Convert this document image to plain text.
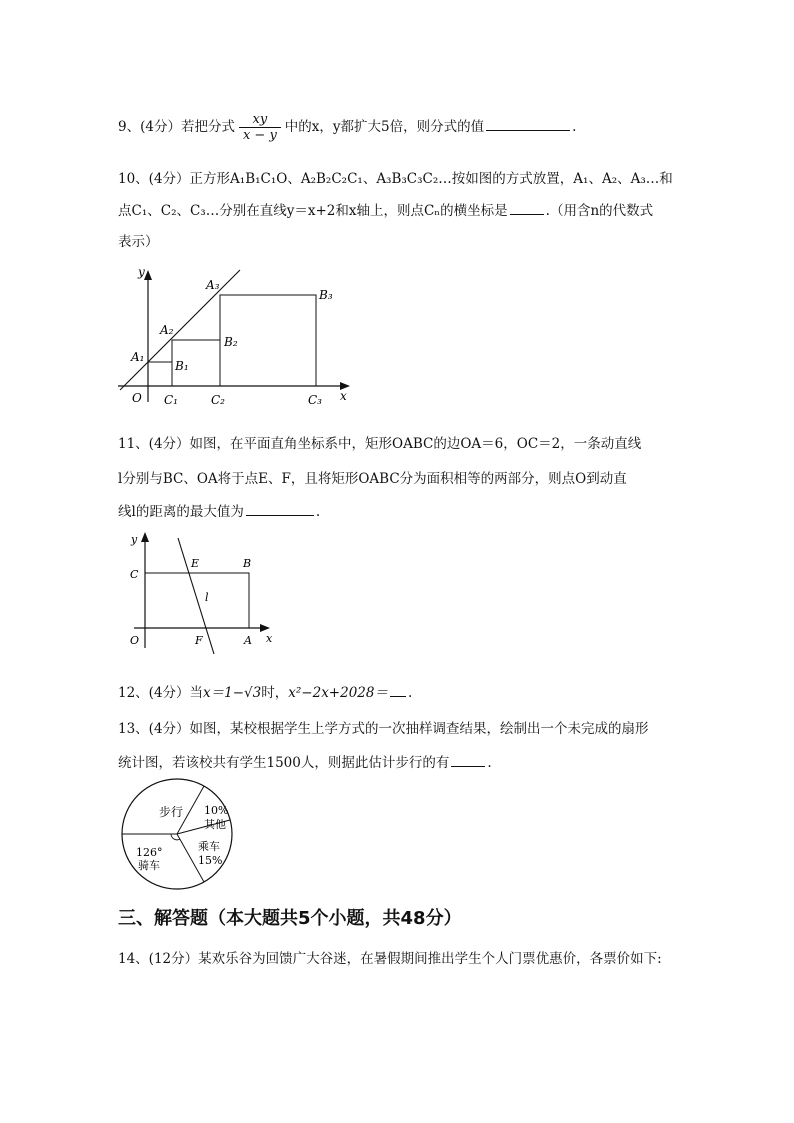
9、(4分）若把分式 $\frac{xy}{x - y}$ 中的x，y都扩大5倍，则分式的值	.
10、(4分）正方形A₁B₁C₁O、A₂B₂C₂C₁、A₃B₃C₃C₂…按如图的方式放置，A₁、A₂、A₃…和
点C₁、C₂、C₃…分别在直线y＝x+2和x轴上，则点Cₙ的横坐标是	.（用含n的代数式
表示）
y
x
O
A₁
A₂
A₃
B₁
B₂
B₃
C₁	C₂	C₃
11、(4分）如图，在平面直角坐标系中，矩形OABC的边OA＝6，OC＝2，一条动直线
l分别与BC、OA将于点E、F，且将矩形OABC分为面积相等的两部分，则点O到动直
线l的距离的最大值为	.
y
C
E	B
l
O	F	A x
12、(4分）当x＝1−√3时，x²−2x+2028＝ .
13、(4分）如图，某校根据学生上学方式的一次抽样调查结果，绘制出一个未完成的扇形
统计图，若该校共有学生1500人，则据此估计步行的有	.
步行 10%
其他
126°
骑车
乘车
15%
三、解答题（本大题共5个小题，共48分）
14、(12分）某欢乐谷为回馈广大谷迷，在暑假期间推出学生个人门票优惠价，各票价如下:
